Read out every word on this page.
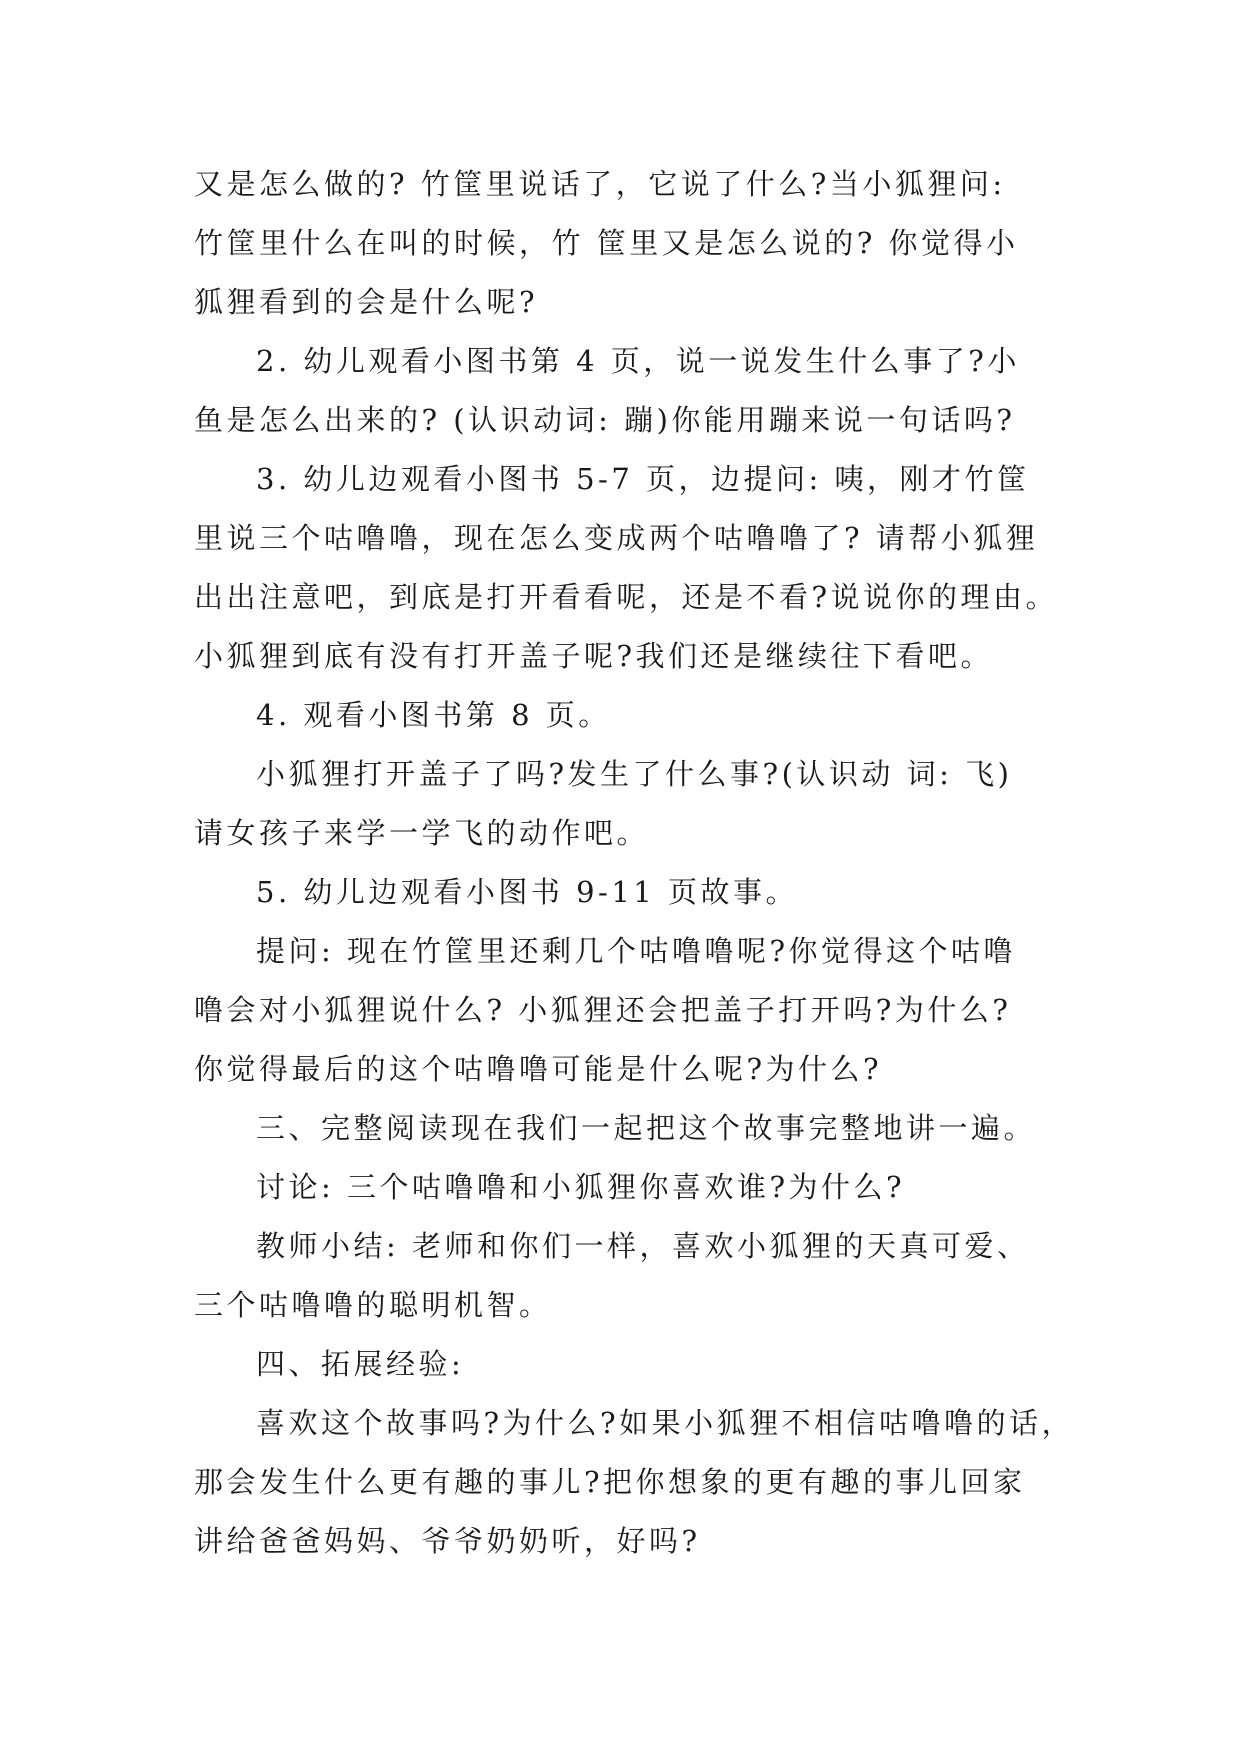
又是怎么做的? 竹筐里说话了，它说了什么?当小狐狸问:
竹筐里什么在叫的时候，竹 筐里又是怎么说的? 你觉得小
狐狸看到的会是什么呢?
2. 幼儿观看小图书第 4 页，说一说发生什么事了?小
鱼是怎么出来的? (认识动词: 蹦)你能用蹦来说一句话吗?
3. 幼儿边观看小图书 5-7 页，边提问: 咦，刚才竹筐
里说三个咕噜噜，现在怎么变成两个咕噜噜了? 请帮小狐狸
出出注意吧，到底是打开看看呢，还是不看?说说你的理由。
小狐狸到底有没有打开盖子呢?我们还是继续往下看吧。
4. 观看小图书第 8 页。
小狐狸打开盖子了吗?发生了什么事?(认识动 词: 飞)
请女孩子来学一学飞的动作吧。
5. 幼儿边观看小图书 9-11 页故事。
提问: 现在竹筐里还剩几个咕噜噜呢?你觉得这个咕噜
噜会对小狐狸说什么? 小狐狸还会把盖子打开吗?为什么?
你觉得最后的这个咕噜噜可能是什么呢?为什么?
三、完整阅读现在我们一起把这个故事完整地讲一遍。
讨论: 三个咕噜噜和小狐狸你喜欢谁?为什么?
教师小结: 老师和你们一样，喜欢小狐狸的天真可爱、
三个咕噜噜的聪明机智。
四、拓展经验:
喜欢这个故事吗?为什么?如果小狐狸不相信咕噜噜的话，
那会发生什么更有趣的事儿?把你想象的更有趣的事儿回家
讲给爸爸妈妈、爷爷奶奶听，好吗?
